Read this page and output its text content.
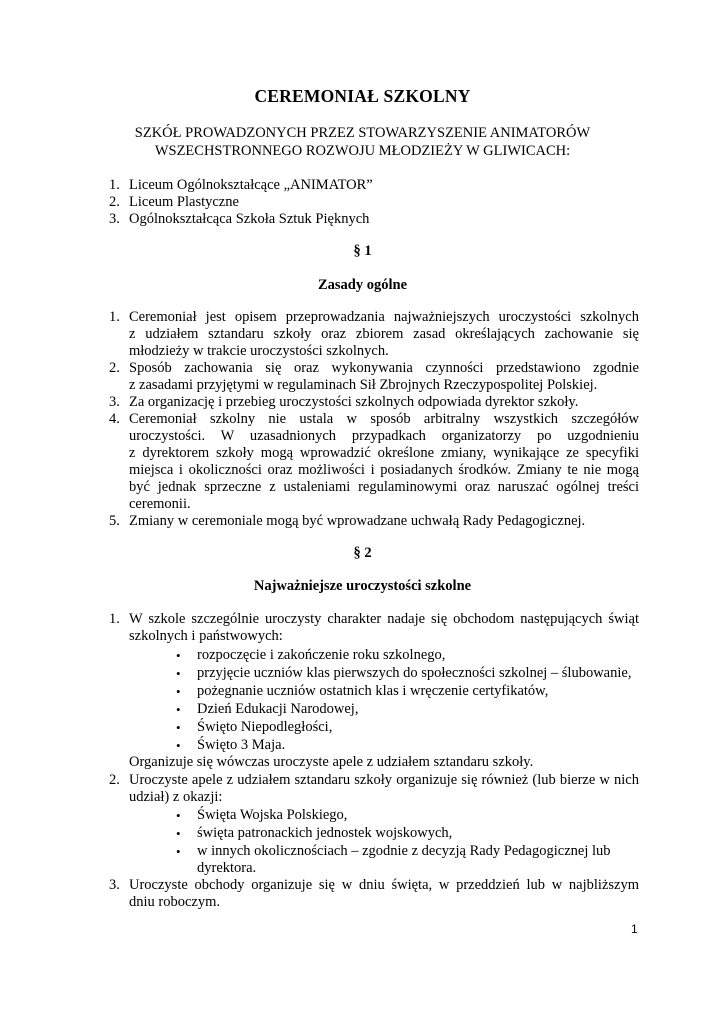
CEREMONIAŁ SZKOLNY
SZKÓŁ PROWADZONYCH PRZEZ STOWARZYSZENIE ANIMATORÓW
WSZECHSTRONNEGO ROZWOJU MŁODZIEŻY W GLIWICACH:
1. Liceum Ogólnokształcące „ANIMATOR”
2. Liceum Plastyczne
3. Ogólnokształcąca Szkoła Sztuk Pięknych
§ 1
Zasady ogólne
1. Ceremoniał jest opisem przeprowadzania najważniejszych uroczystości szkolnych
z udziałem sztandaru szkoły oraz zbiorem zasad określających zachowanie się
młodzieży w trakcie uroczystości szkolnych.
2. Sposób zachowania się oraz wykonywania czynności przedstawiono zgodnie
z zasadami przyjętymi w regulaminach Sił Zbrojnych Rzeczypospolitej Polskiej.
3. Za organizację i przebieg uroczystości szkolnych odpowiada dyrektor szkoły.
4. Ceremoniał szkolny nie ustala w sposób arbitralny wszystkich szczegółów
uroczystości. W uzasadnionych przypadkach organizatorzy po uzgodnieniu
z dyrektorem szkoły mogą wprowadzić określone zmiany, wynikające ze specyfiki
miejsca i okoliczności oraz możliwości i posiadanych środków. Zmiany te nie mogą
być jednak sprzeczne z ustaleniami regulaminowymi oraz naruszać ogólnej treści
ceremonii.
5. Zmiany w ceremoniale mogą być wprowadzane uchwałą Rady Pedagogicznej.
§ 2
Najważniejsze uroczystości szkolne
1. W szkole szczególnie uroczysty charakter nadaje się obchodom następujących świąt
szkolnych i państwowych:
• rozpoczęcie i zakończenie roku szkolnego,
• przyjęcie uczniów klas pierwszych do społeczności szkolnej – ślubowanie,
• pożegnanie uczniów ostatnich klas i wręczenie certyfikatów,
• Dzień Edukacji Narodowej,
• Święto Niepodległości,
• Święto 3 Maja.
Organizuje się wówczas uroczyste apele z udziałem sztandaru szkoły.
2. Uroczyste apele z udziałem sztandaru szkoły organizuje się również (lub bierze w nich
udział) z okazji:
• Święta Wojska Polskiego,
• święta patronackich jednostek wojskowych,
• w innych okolicznościach – zgodnie z decyzją Rady Pedagogicznej lub
dyrektora.
3. Uroczyste obchody organizuje się w dniu święta, w przeddzień lub w najbliższym
dniu roboczym.
1
